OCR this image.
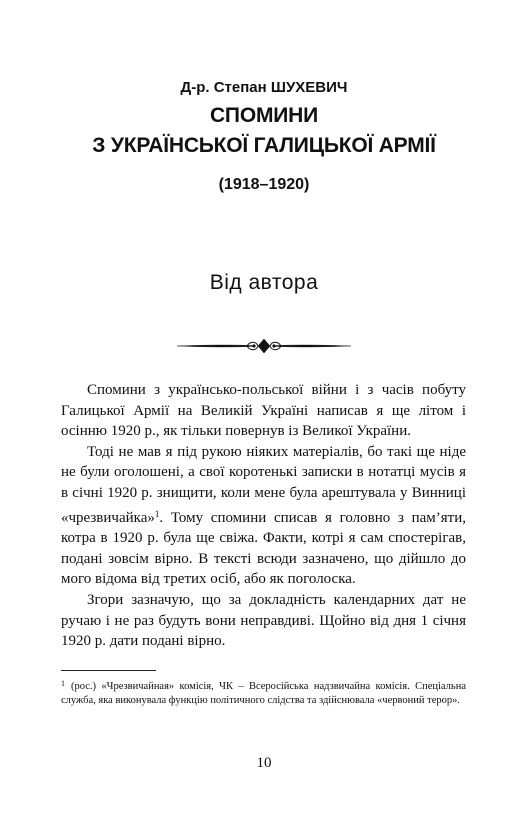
Д-р. Степан ШУХЕВИЧ
СПОМИНИ
З УКРАЇНСЬКОЇ ГАЛИЦЬКОЇ АРМІЇ
(1918–1920)
Від автора

Спомини з українсько-польської війни і з часів побуту Галицької Армії на Великій Україні написав я ще літом і осінню 1920 р., як тільки повернув із Великої України.

Тоді не мав я під рукою ніяких матеріалів, бо такі ще ніде не були оголошені, а свої коротенькі записки в нотатці мусів я в січні 1920 р. знищити, коли мене була арештувала у Винниці «чрезвичайка»$^1$. Тому спомини списав я головно з пам’яти, котра в 1920 р. була ще свіжа. Факти, котрі я сам спостерігав, подані зовсім вірно. В тексті всюди зазначено, що дійшло до мого відома від третих осіб, або як поголоска.

Згори зазначую, що за докладність календарних дат не ручаю і не раз будуть вони неправдиві. Щойно від дня 1 січня 1920 р. дати подані вірно.

$^1$ (рос.) «Чрезвичайная» комісія, ЧК – Всеросійська надзвичайна комісія. Спеціальна служба, яка виконувала функцію політичного слідства та здійснювала «червоний терор».
10
